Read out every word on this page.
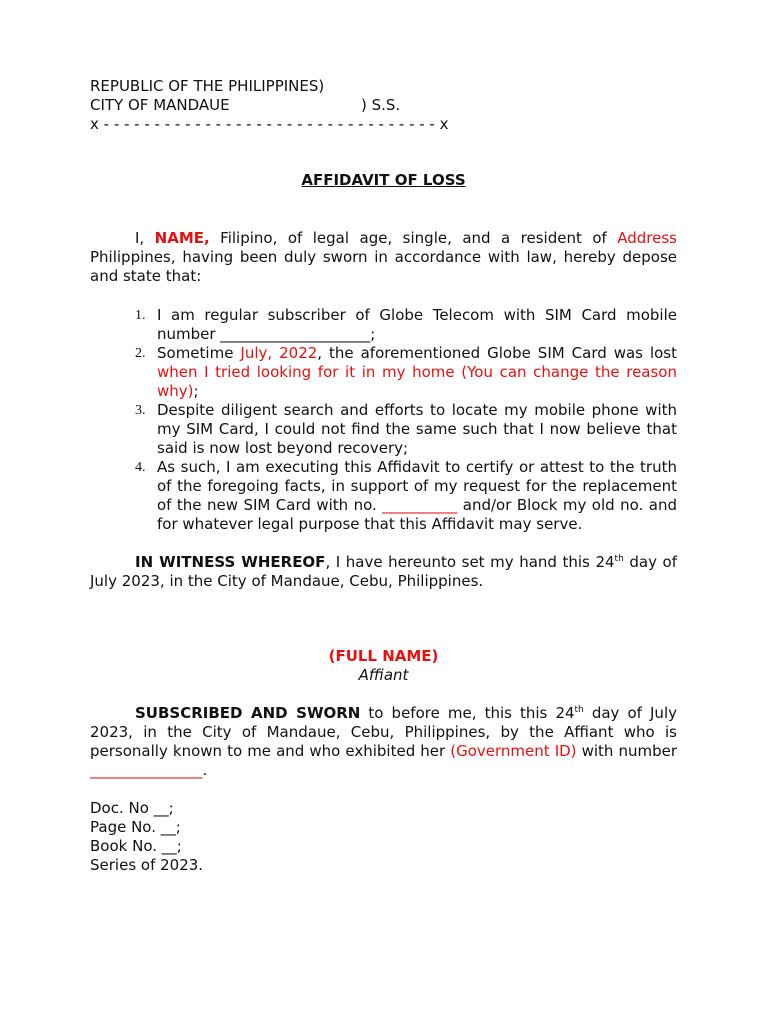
REPUBLIC OF THE PHILIPPINES)
CITY OF MANDAUE	) S.S.
x - - - - - - - - - - - - - - - - - - - - - - - - - - - - - - - - - x
AFFIDAVIT OF LOSS

I, NAME, Filipino, of legal age, single, and a resident of Address Philippines, having been duly sworn in accordance with law, hereby depose and state that:

1. I am regular subscriber of Globe Telecom with SIM Card mobile number ____________________;
2. Sometime July, 2022, the aforementioned Globe SIM Card was lost when I tried looking for it in my home (You can change the reason why);
3. Despite diligent search and efforts to locate my mobile phone with my SIM Card, I could not find the same such that I now believe that said is now lost beyond recovery;
4. As such, I am executing this Affidavit to certify or attest to the truth of the foregoing facts, in support of my request for the replacement of the new SIM Card with no. __________ and/or Block my old no. and for whatever legal purpose that this Affidavit may serve.

IN WITNESS WHEREOF, I have hereunto set my hand this 24th day of July 2023, in the City of Mandaue, Cebu, Philippines.

(FULL NAME)
Affiant

SUBSCRIBED AND SWORN to before me, this this 24th day of July 2023, in the City of Mandaue, Cebu, Philippines, by the Affiant who is personally known to me and who exhibited her (Government ID) with number _______________.

Doc. No __;
Page No. __;
Book No. __;
Series of 2023.
